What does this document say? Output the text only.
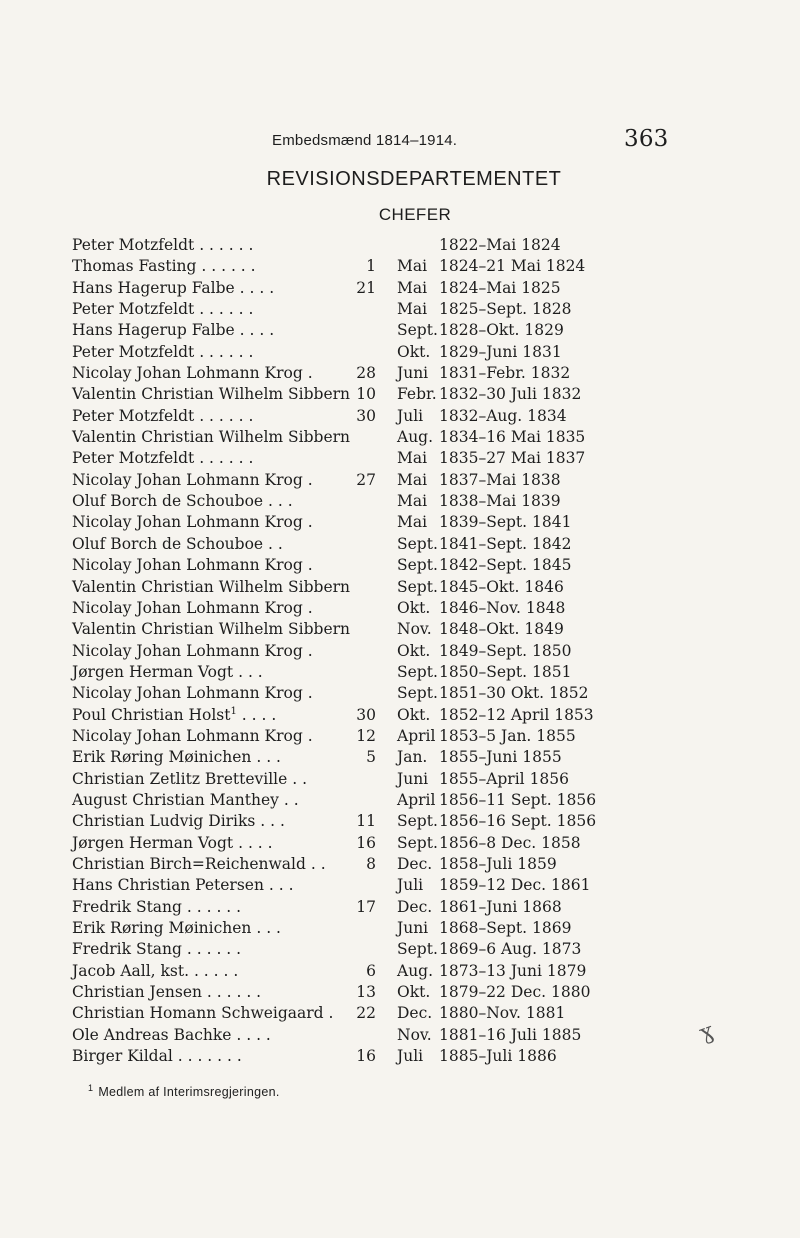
Embedsmænd 1814–1914.	363
REVISIONSDEPARTEMENTET
CHEFER
Peter Motzfeldt . . . . . .	1822–Mai 1824
Thomas Fasting . . . . . .	1 Mai 1824–21 Mai 1824
Hans Hagerup Falbe . . . .	21 Mai 1824–Mai 1825
Peter Motzfeldt . . . . . .	Mai 1825–Sept. 1828
Hans Hagerup Falbe . . . .	Sept. 1828–Okt. 1829
Peter Motzfeldt . . . . . .	Okt. 1829–Juni 1831
Nicolay Johan Lohmann Krog .	28 Juni 1831–Febr. 1832
Valentin Christian Wilhelm Sibbern 10 Febr. 1832–30 Juli 1832
Peter Motzfeldt . . . . . .	30 Juli 1832–Aug. 1834
Valentin Christian Wilhelm Sibbern	Aug. 1834–16 Mai 1835
Peter Motzfeldt . . . . . .	Mai 1835–27 Mai 1837
Nicolay Johan Lohmann Krog .	27 Mai 1837–Mai 1838
Oluf Borch de Schouboe . . .	Mai 1838–Mai 1839
Nicolay Johan Lohmann Krog .	Mai 1839–Sept. 1841
Oluf Borch de Schouboe . .	Sept. 1841–Sept. 1842
Nicolay Johan Lohmann Krog .	Sept. 1842–Sept. 1845
Valentin Christian Wilhelm Sibbern	Sept. 1845–Okt. 1846
Nicolay Johan Lohmann Krog .	Okt. 1846–Nov. 1848
Valentin Christian Wilhelm Sibbern	Nov. 1848–Okt. 1849
Nicolay Johan Lohmann Krog .	Okt. 1849–Sept. 1850
Jørgen Herman Vogt . . .	Sept. 1850–Sept. 1851
Nicolay Johan Lohmann Krog .	Sept. 1851–30 Okt. 1852
Poul Christian Holst$^1$ . . . .	30 Okt. 1852–12 April 1853
Nicolay Johan Lohmann Krog .	12 April 1853–5 Jan. 1855
Erik Røring Møinichen . . .	5 Jan. 1855–Juni 1855
Christian Zetlitz Bretteville . .	Juni 1855–April 1856
August Christian Manthey . .	April 1856–11 Sept. 1856
Christian Ludvig Diriks . . .	11 Sept. 1856–16 Sept. 1856
Jørgen Herman Vogt . . . .	16 Sept. 1856–8 Dec. 1858
Christian Birch=Reichenwald . .	8 Dec. 1858–Juli 1859
Hans Christian Petersen . . .	Juli 1859–12 Dec. 1861
Fredrik Stang . . . . . .	17 Dec. 1861–Juni 1868
Erik Røring Møinichen . . .	Juni 1868–Sept. 1869
Fredrik Stang . . . . . .	Sept. 1869–6 Aug. 1873
Jacob Aall, kst. . . . . .	6 Aug. 1873–13 Juni 1879
Christian Jensen . . . . . .	13 Okt. 1879–22 Dec. 1880
Christian Homann Schweigaard . 22 Dec. 1880–Nov. 1881
Ole Andreas Bachke . . . .	Nov. 1881–16 Juli 1885
Birger Kildal . . . . . . .	16 Juli 1885–Juli 1886
$^1$ Medlem af Interimsregjeringen.
ɣ
